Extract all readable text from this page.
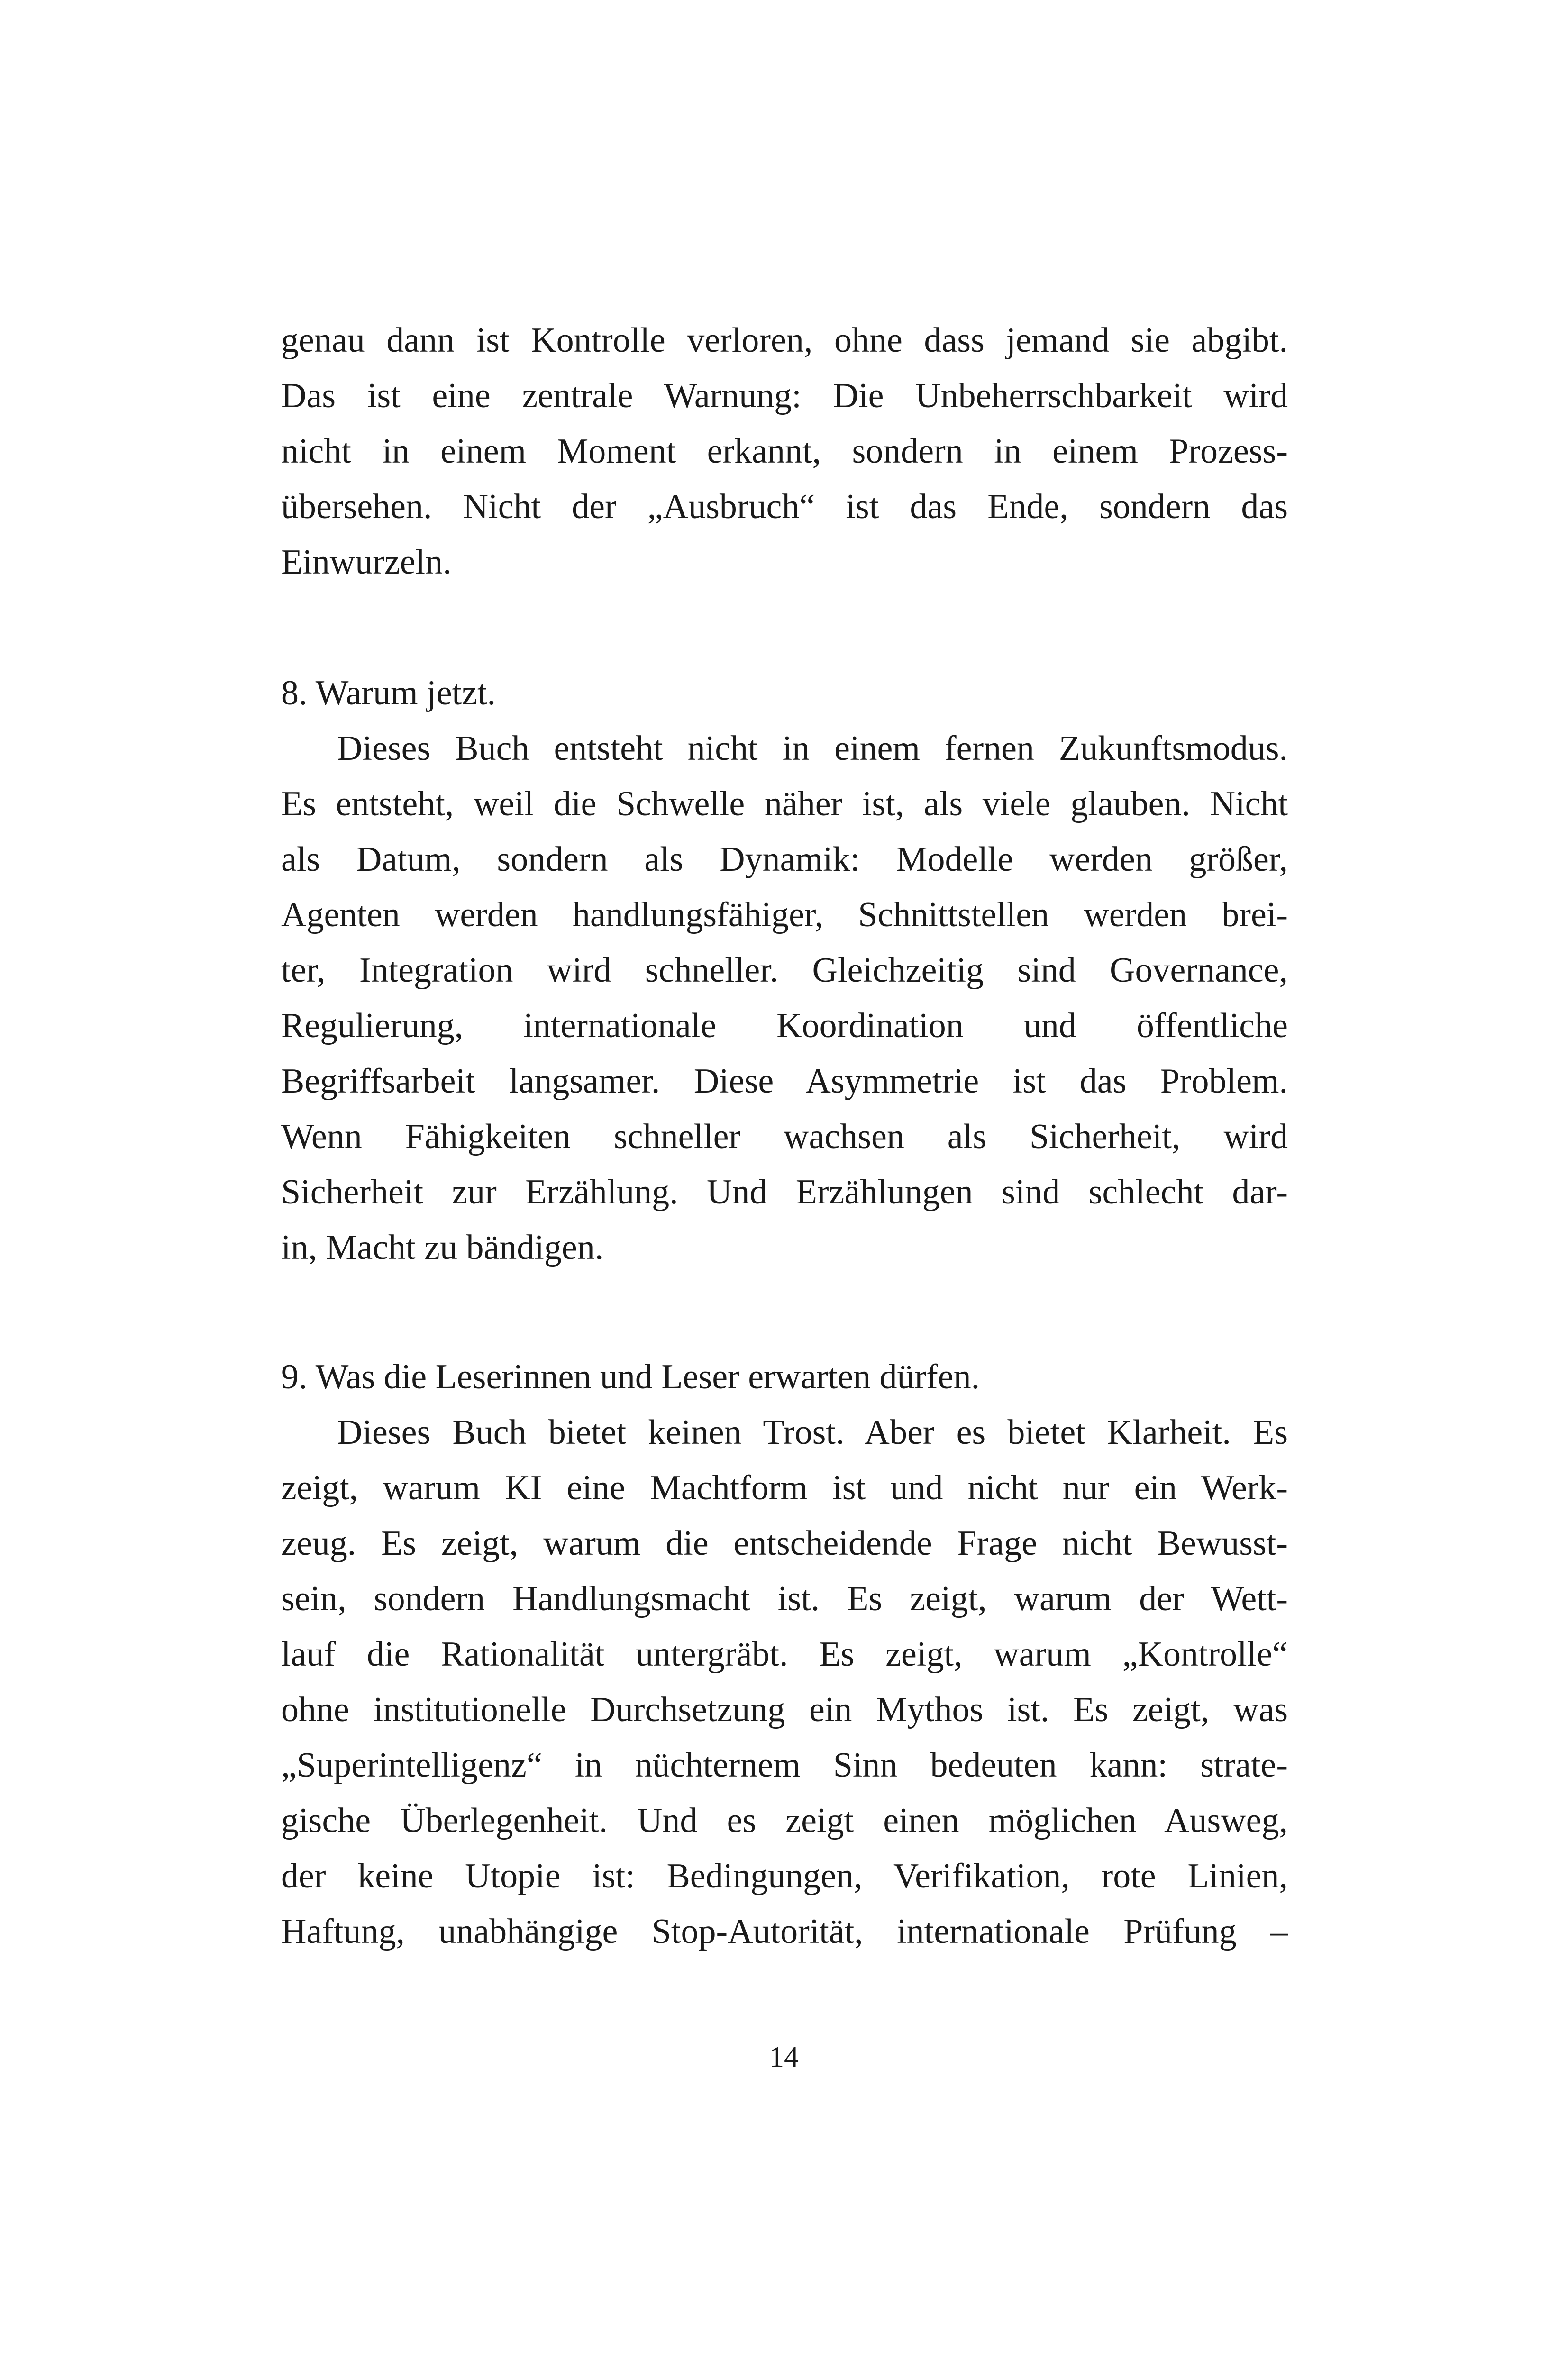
genau dann ist Kontrolle verloren, ohne dass jemand sie abgibt.
Das ist eine zentrale Warnung: Die Unbeherrschbarkeit wird
nicht in einem Moment erkannt, sondern in einem Prozess-
übersehen. Nicht der „Ausbruch“ ist das Ende, sondern das
Einwurzeln.
8. Warum jetzt.
Dieses Buch entsteht nicht in einem fernen Zukunftsmodus.
Es entsteht, weil die Schwelle näher ist, als viele glauben. Nicht
als Datum, sondern als Dynamik: Modelle werden größer,
Agenten werden handlungsfähiger, Schnittstellen werden brei-
ter, Integration wird schneller. Gleichzeitig sind Governance,
Regulierung, internationale Koordination und öffentliche
Begriffsarbeit langsamer. Diese Asymmetrie ist das Problem.
Wenn Fähigkeiten schneller wachsen als Sicherheit, wird
Sicherheit zur Erzählung. Und Erzählungen sind schlecht dar-
in, Macht zu bändigen.
9. Was die Leserinnen und Leser erwarten dürfen.
Dieses Buch bietet keinen Trost. Aber es bietet Klarheit. Es
zeigt, warum KI eine Machtform ist und nicht nur ein Werk-
zeug. Es zeigt, warum die entscheidende Frage nicht Bewusst-
sein, sondern Handlungsmacht ist. Es zeigt, warum der Wett-
lauf die Rationalität untergräbt. Es zeigt, warum „Kontrolle“
ohne institutionelle Durchsetzung ein Mythos ist. Es zeigt, was
„Superintelligenz“ in nüchternem Sinn bedeuten kann: strate-
gische Überlegenheit. Und es zeigt einen möglichen Ausweg,
der keine Utopie ist: Bedingungen, Verifikation, rote Linien,
Haftung, unabhängige Stop-Autorität, internationale Prüfung –
14
